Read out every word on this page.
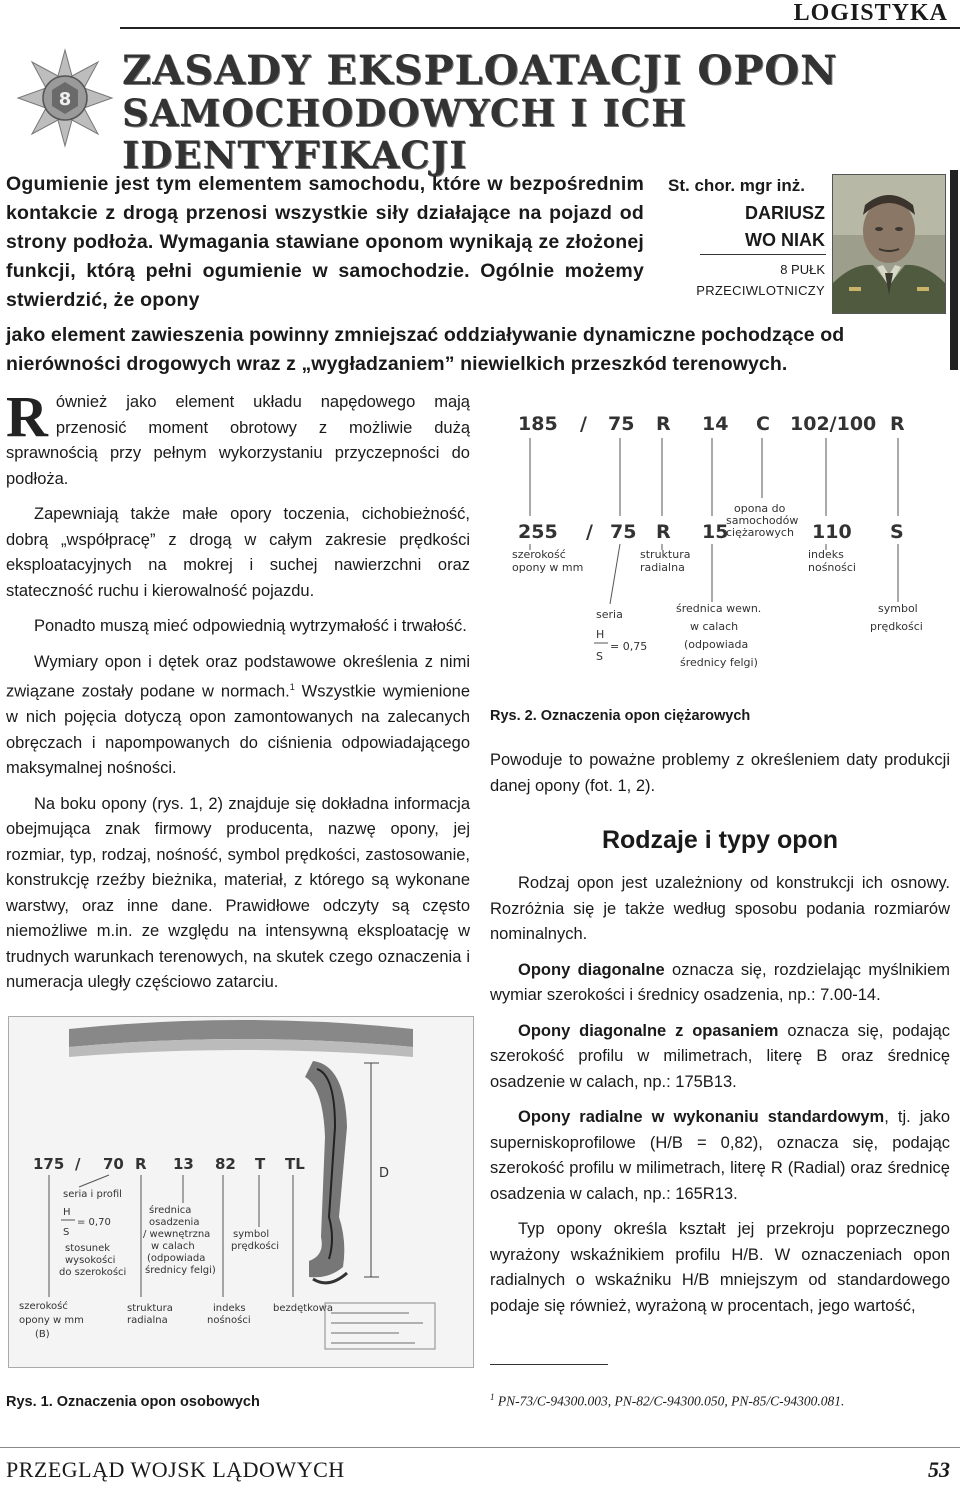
LOGISTYKA
8
ZASADY EKSPLOATACJI OPON
SAMOCHODOWYCH I ICH IDENTYFIKACJI
Ogumienie jest tym elementem samochodu, które w bezpośrednim kontakcie z drogą przenosi wszystkie siły działające na pojazd od strony podłoża. Wymagania stawiane oponom wynikają ze złożonej funkcji, którą pełni ogumienie w samochodzie. Ogólnie możemy stwierdzić, że opony
jako element zawieszenia powinny zmniejszać oddziaływanie dynamiczne pochodzące od nierówności drogowych wraz z „wygładzaniem” niewielkich przeszkód terenowych.
St. chor. mgr inż.
DARIUSZ
WO NIAK
8 PUŁK
PRZECIWLOTNICZY

Również jako element układu napędowego mają przenosić moment obrotowy z możliwie dużą sprawnością przy pełnym wykorzystaniu przyczepności do podłoża.

Zapewniają także małe opory toczenia, cichobieżność, dobrą „współpracę” z drogą w całym zakresie prędkości eksploatacyjnych na mokrej i suchej nawierzchni oraz stateczność ruchu i kierowalność pojazdu.

Ponadto muszą mieć odpowiednią wytrzymałość i trwałość.

Wymiary opon i dętek oraz podstawowe określenia z nimi związane zostały podane w normach.$^1$ Wszystkie wymienione w nich pojęcia dotyczą opon zamontowanych na zalecanych obręczach i napompowanych do ciśnienia odpowiadającego maksymalnej nośności.

Na boku opony (rys. 1, 2) znajduje się dokładna informacja obejmująca znak firmowy producenta, nazwę opony, jej rozmiar, typ, rodzaj, nośność, symbol prędkości, zastosowanie, konstrukcję rzeźby bieżnika, materiał, z którego są wykonane warstwy, oraz inne dane. Prawidłowe odczyty są często niemożliwe m.in. ze względu na intensywną eksploatację w trudnych warunkach terenowych, na skutek czego oznaczenia i numeracja uległy częściowo zatarciu.

185 / 75 R 14 C 102/100 R
255 / 75 R 15	110 S
opona do
samochodów
ciężarowych
szerokość
opony w mm
struktura
radialna
indeks
nośności
seria
H
S
= 0,75
średnica wewn.
w calach
(odpowiada
średnicy felgi)
symbol
prędkości
Rys. 2. Oznaczenia opon ciężarowych

Powoduje to poważne problemy z określeniem daty produkcji danej opony (fot. 1, 2).

Rodzaje i typy opon

Rodzaj opon jest uzależniony od konstrukcji ich osnowy. Rozróżnia się je także według sposobu podania rozmiarów nominalnych.

Opony diagonalne oznacza się, rozdzielając myślnikiem wymiar szerokości i średnicy osadzenia, np.: 7.00-14.

Opony diagonalne z opasaniem oznacza się, podając szerokość profilu w milimetrach, literę B oraz średnicę osadzenie w calach, np.: 175B13.

Opony radialne w wykonaniu standardowym, tj. jako superniskoprofilowe (H/B = 0,82), oznacza się, podając szerokość profilu w milimetrach, literę R (Radial) oraz średnicę osadzenia w calach, np.: 165R13.

Typ opony określa kształt jej przekroju poprzecznego wyrażony wskaźnikiem profilu H/B. W oznaczeniach opon radialnych o wskaźniku H/B mniejszym od standardowego podaje się również, wyrażoną w procentach, jego wartość,

175 / 70 R 13 82 T TL
D
seria i profil
H
S
= 0,70
stosunek
wysokości
do szerokości
średnica
osadzenia
/ wewnętrzna
w calach
(odpowiada
średnicy felgi)
symbol
prędkości
szerokość
opony w mm
(B)
struktura
radialna
indeks
nośności
bezdętkowa
Rys. 1. Oznaczenia opon osobowych	$^1$ PN-73/C-94300.003, PN-82/C-94300.050, PN-85/C-94300.081.
PRZEGLĄD WOJSK LĄDOWYCH	53
